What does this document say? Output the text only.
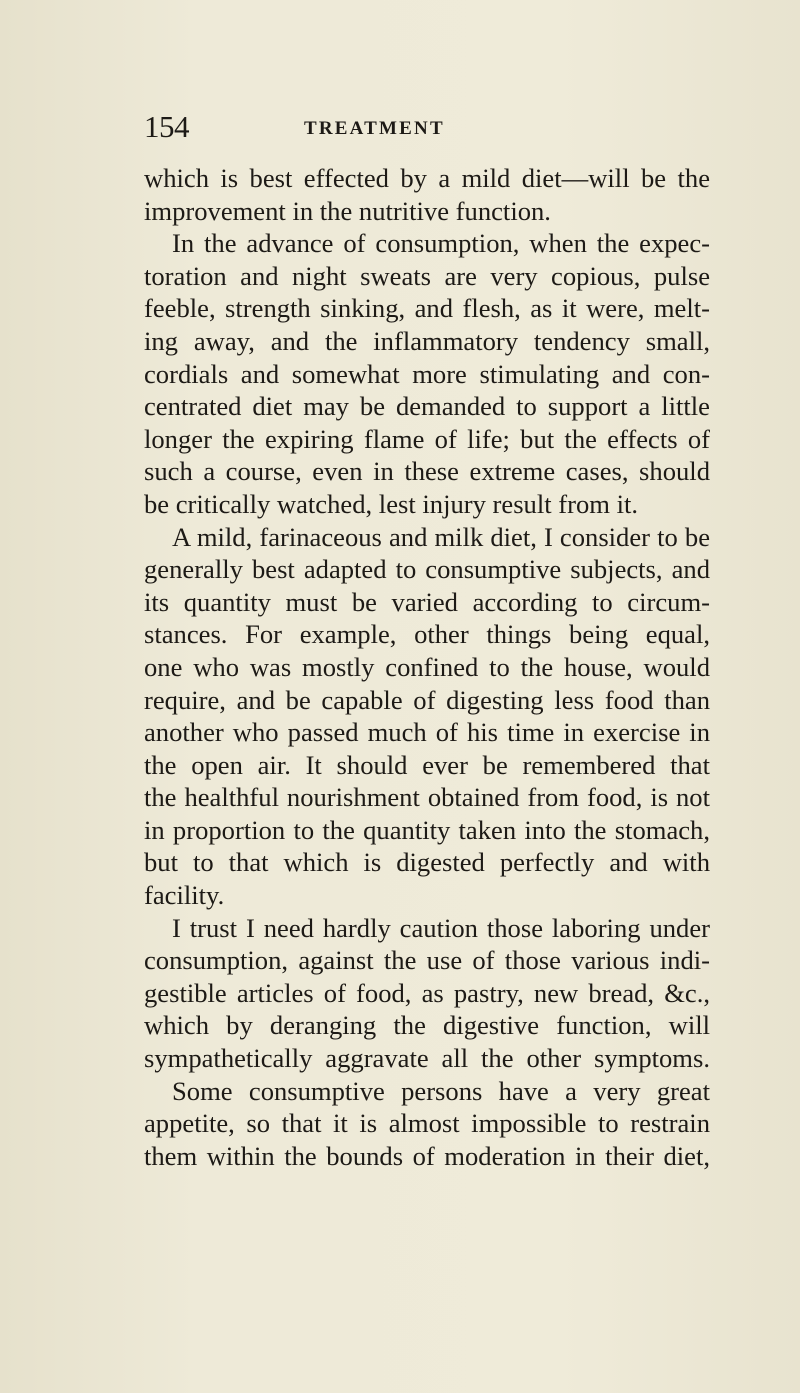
154	TREATMENT
which is best effected by a mild diet—will be the
improvement in the nutritive function.
In the advance of consumption, when the expec-
toration and night sweats are very copious, pulse
feeble, strength sinking, and flesh, as it were, melt-
ing away, and the inflammatory tendency small,
cordials and somewhat more stimulating and con-
centrated diet may be demanded to support a little
longer the expiring flame of life; but the effects of
such a course, even in these extreme cases, should
be critically watched, lest injury result from it.
A mild, farinaceous and milk diet, I consider to be
generally best adapted to consumptive subjects, and
its quantity must be varied according to circum-
stances. For example, other things being equal,
one who was mostly confined to the house, would
require, and be capable of digesting less food than
another who passed much of his time in exercise in
the open air. It should ever be remembered that
the healthful nourishment obtained from food, is not
in proportion to the quantity taken into the stomach,
but to that which is digested perfectly and with
facility.
I trust I need hardly caution those laboring under
consumption, against the use of those various indi-
gestible articles of food, as pastry, new bread, &c.,
which by deranging the digestive function, will
sympathetically aggravate all the other symptoms.
Some consumptive persons have a very great
appetite, so that it is almost impossible to restrain
them within the bounds of moderation in their diet,
